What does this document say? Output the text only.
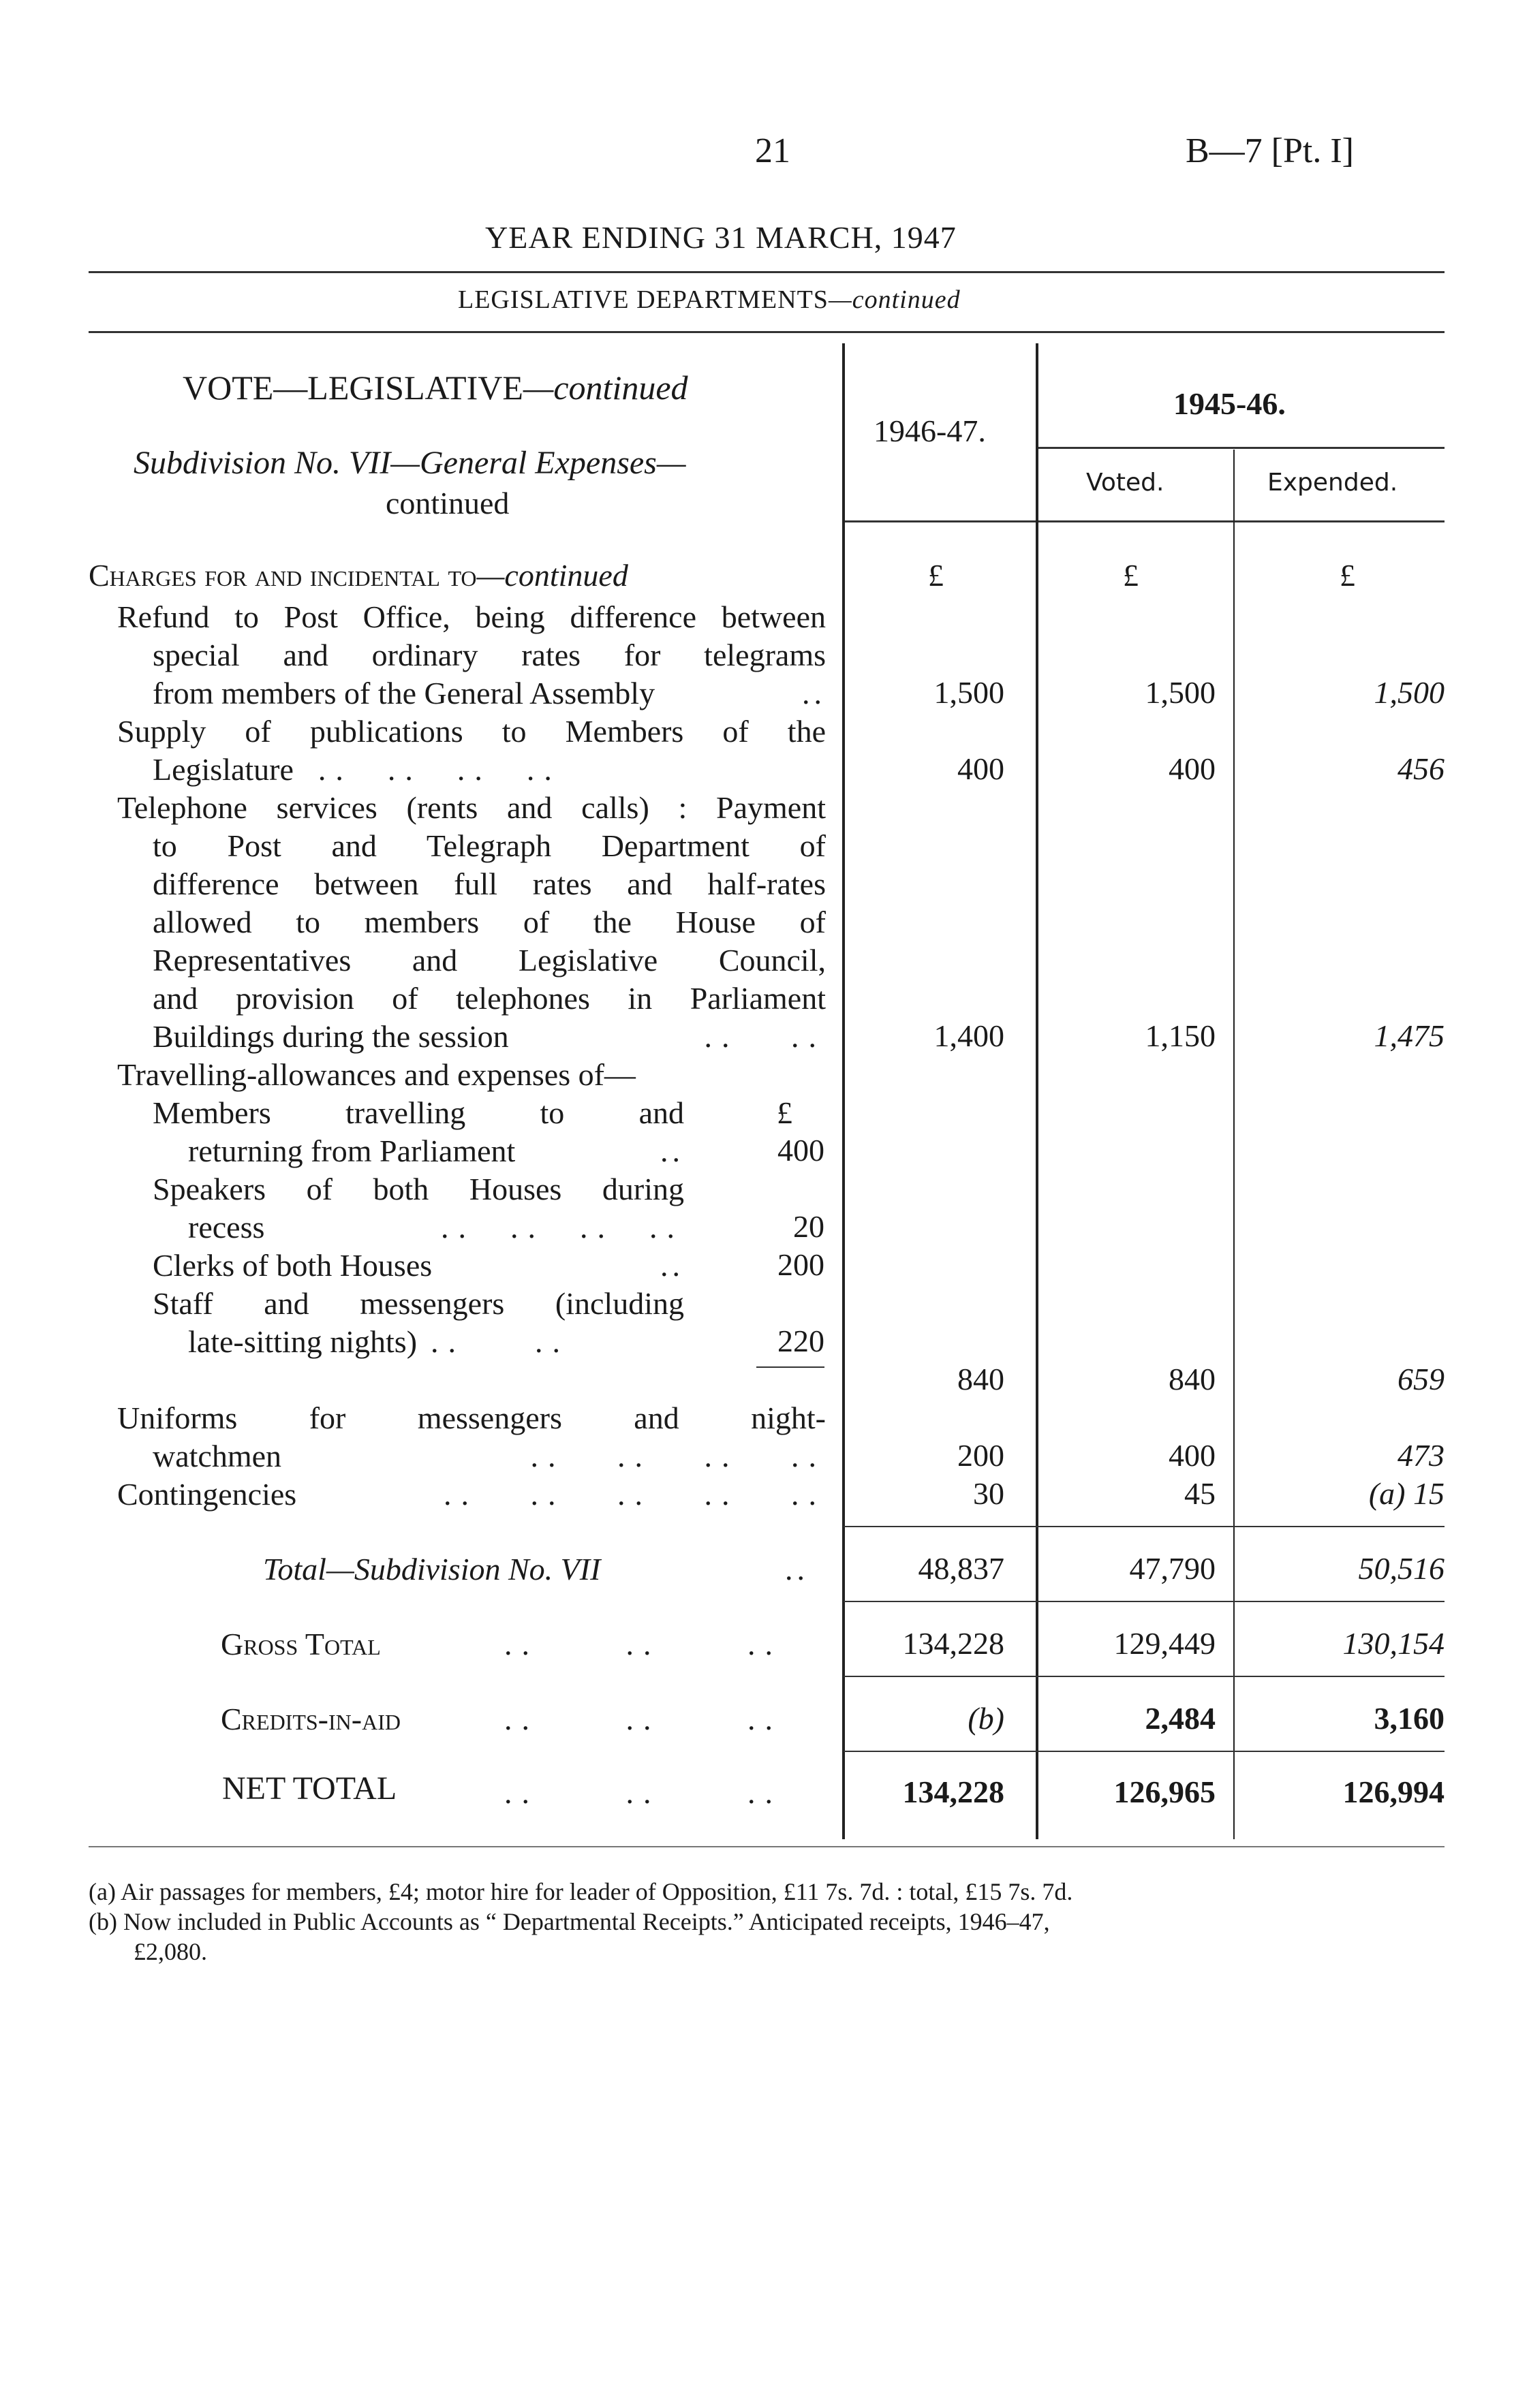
21	B—7 [Pt. I]
YEAR ENDING 31 MARCH, 1947
LEGISLATIVE DEPARTMENTS—continued
VOTE—LEGISLATIVE—continued
Subdivision No. VII—General Expenses—
continued
1946-47.
1945-46.
Voted.	Expended.
Charges for and incidental to—continued	£	£	£
Refund to Post Office, being difference between
special and ordinary rates for telegrams
from members of the General Assembly	..	1,500	1,500	1,500
Supply of publications to Members of the
Legislature ..  ..  ..  ..	400	400	456
Telephone services (rents and calls) : Payment
to Post and Telegraph Department of
difference between full rates and half-rates
allowed to members of the House of
Representatives and Legislative Council,
and provision of telephones in Parliament
Buildings during the session	..   ..	1,400	1,150	1,475
Travelling-allowances and expenses of—
£
Members travelling to and
returning from Parliament	..	400
Speakers of both Houses during
recess	..  ..  ..  ..	20
Clerks of both Houses	..	200
Staff and messengers (including
late-sitting nights) ..    ..	220
840	840	659
Uniforms for messengers and night-
watchmen	..   ..   ..   ..	200	400	473
Contingencies	..   ..   ..   ..   ..	30	45	(a) 15
Total—Subdivision No. VII	..	48,837	47,790	50,516
Gross Total	..     ..     ..	134,228	129,449	130,154
Credits-in-aid	..     ..     ..	(b)	2,484	3,160
NET TOTAL	..     ..     ..	134,228	126,965	126,994
(a) Air passages for members, £4; motor hire for leader of Opposition, £11 7s. 7d. : total, £15 7s. 7d.
(b) Now included in Public Accounts as “ Departmental Receipts.” Anticipated receipts, 1946–47,
£2,080.
